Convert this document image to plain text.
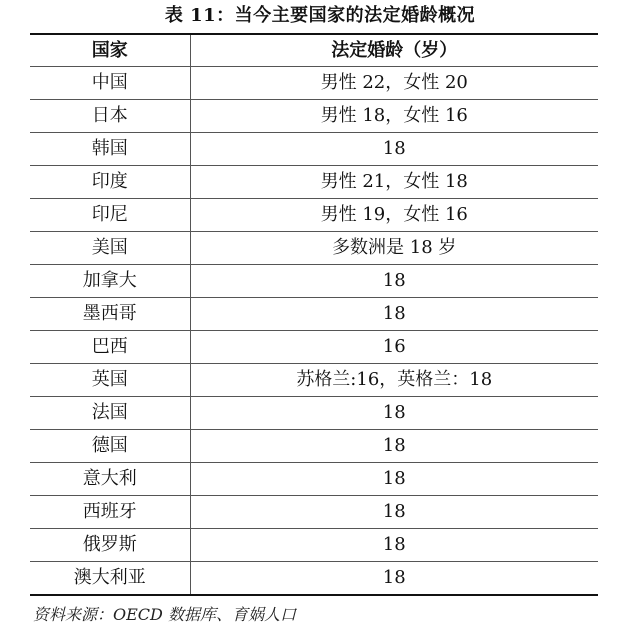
表 11：当今主要国家的法定婚龄概况
国家	法定婚龄（岁）
中国	男性 22，女性 20
日本	男性 18，女性 16
韩国	18
印度	男性 21，女性 18
印尼	男性 19，女性 16
美国	多数洲是 18 岁
加拿大	18
墨西哥	18
巴西	16
英国	苏格兰:16，英格兰：18
法国	18
德国	18
意大利	18
西班牙	18
俄罗斯	18
澳大利亚	18
资料来源：OECD 数据库、育娲人口
